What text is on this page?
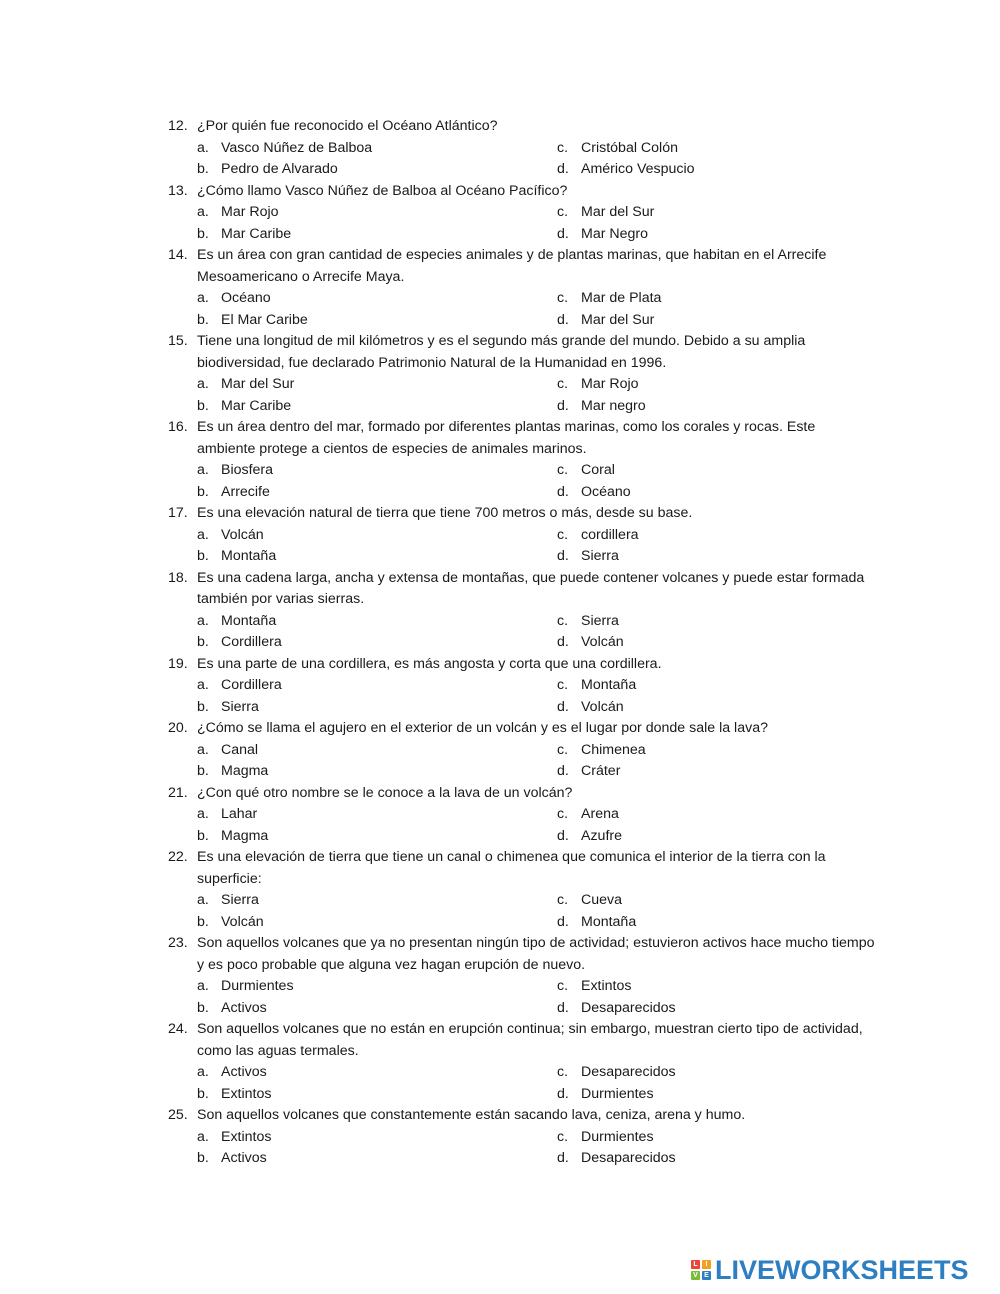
12. ¿Por quién fue reconocido el Océano Atlántico?
a. Vasco Núñez de Balboa	c. Cristóbal Colón
b. Pedro de Alvarado	d. Américo Vespucio
13. ¿Cómo llamo Vasco Núñez de Balboa al Océano Pacífico?
a. Mar Rojo	c. Mar del Sur
b. Mar Caribe	d. Mar Negro
14. Es un área con gran cantidad de especies animales y de plantas marinas, que habitan en el Arrecife Mesoamericano o Arrecife Maya.
a. Océano	c. Mar de Plata
b. El Mar Caribe	d. Mar del Sur
15. Tiene una longitud de mil kilómetros y es el segundo más grande del mundo. Debido a su amplia biodiversidad, fue declarado Patrimonio Natural de la Humanidad en 1996.
a. Mar del Sur	c. Mar Rojo
b. Mar Caribe	d. Mar negro
16. Es un área dentro del mar, formado por diferentes plantas marinas, como los corales y rocas. Este ambiente protege a cientos de especies de animales marinos.
a. Biosfera	c. Coral
b. Arrecife	d. Océano
17. Es una elevación natural de tierra que tiene 700 metros o más, desde su base.
a. Volcán	c. cordillera
b. Montaña	d. Sierra
18. Es una cadena larga, ancha y extensa de montañas, que puede contener volcanes y puede estar formada también por varias sierras.
a. Montaña	c. Sierra
b. Cordillera	d. Volcán
19. Es una parte de una cordillera, es más angosta y corta que una cordillera.
a. Cordillera	c. Montaña
b. Sierra	d. Volcán
20. ¿Cómo se llama el agujero en el exterior de un volcán y es el lugar por donde sale la lava?
a. Canal	c. Chimenea
b. Magma	d. Cráter
21. ¿Con qué otro nombre se le conoce a la lava de un volcán?
a. Lahar	c. Arena
b. Magma	d. Azufre
22. Es una elevación de tierra que tiene un canal o chimenea que comunica el interior de la tierra con la superficie:
a. Sierra	c. Cueva
b. Volcán	d. Montaña
23. Son aquellos volcanes que ya no presentan ningún tipo de actividad; estuvieron activos hace mucho tiempo y es poco probable que alguna vez hagan erupción de nuevo.
a. Durmientes	c. Extintos
b. Activos	d. Desaparecidos
24. Son aquellos volcanes que no están en erupción continua; sin embargo, muestran cierto tipo de actividad, como las aguas termales.
a. Activos	c. Desaparecidos
b. Extintos	d. Durmientes
25. Son aquellos volcanes que constantemente están sacando lava, ceniza, arena y humo.
a. Extintos	c. Durmientes
b. Activos	d. Desaparecidos
L	I
V E LIVEWORKSHEETS
